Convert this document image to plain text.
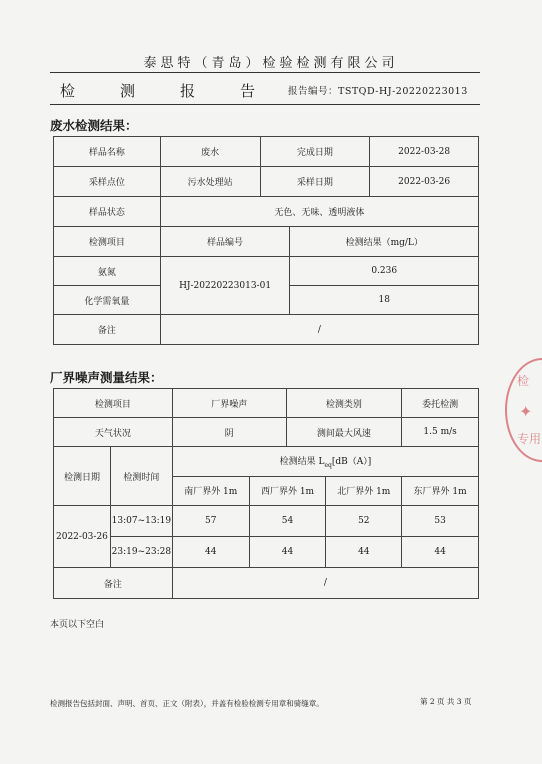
泰思特（青岛）检验检测有限公司
检	测	报	告	报告编号：TSTQD-HJ-20220223013
废水检测结果：
样品名称	废水	完成日期		2022-03-28
采样点位	污水处理站	采样日期		2022-03-26
样品状态	无色、无味、透明液体			
检测项目	样品编号		检测结果（mg/L）	
氨氮	HJ-20220223013-01		0.236	
化学需氧量			18	
备注	/			
厂界噪声测量结果：
检测项目		厂界噪声		检测类别		委托检测
天气状况		阴		测间最大风速		1.5 m/s
检测日期	检测时间	检测结果 $L_{eq}[dB(A)]$				
		南厂界外 1m	西厂界外 1m		北厂界外 1m	东厂界外 1m
2022-03-26	13:07~13:19	57	54		52	53
	23:19~23:28	44	44		44	44
备注		/				
本页以下空白
检测报告包括封面、声明、首页、正文（附表），并盖有检验检测专用章和骑缝章。	第 2 页 共 3 页
检
✦
专用
